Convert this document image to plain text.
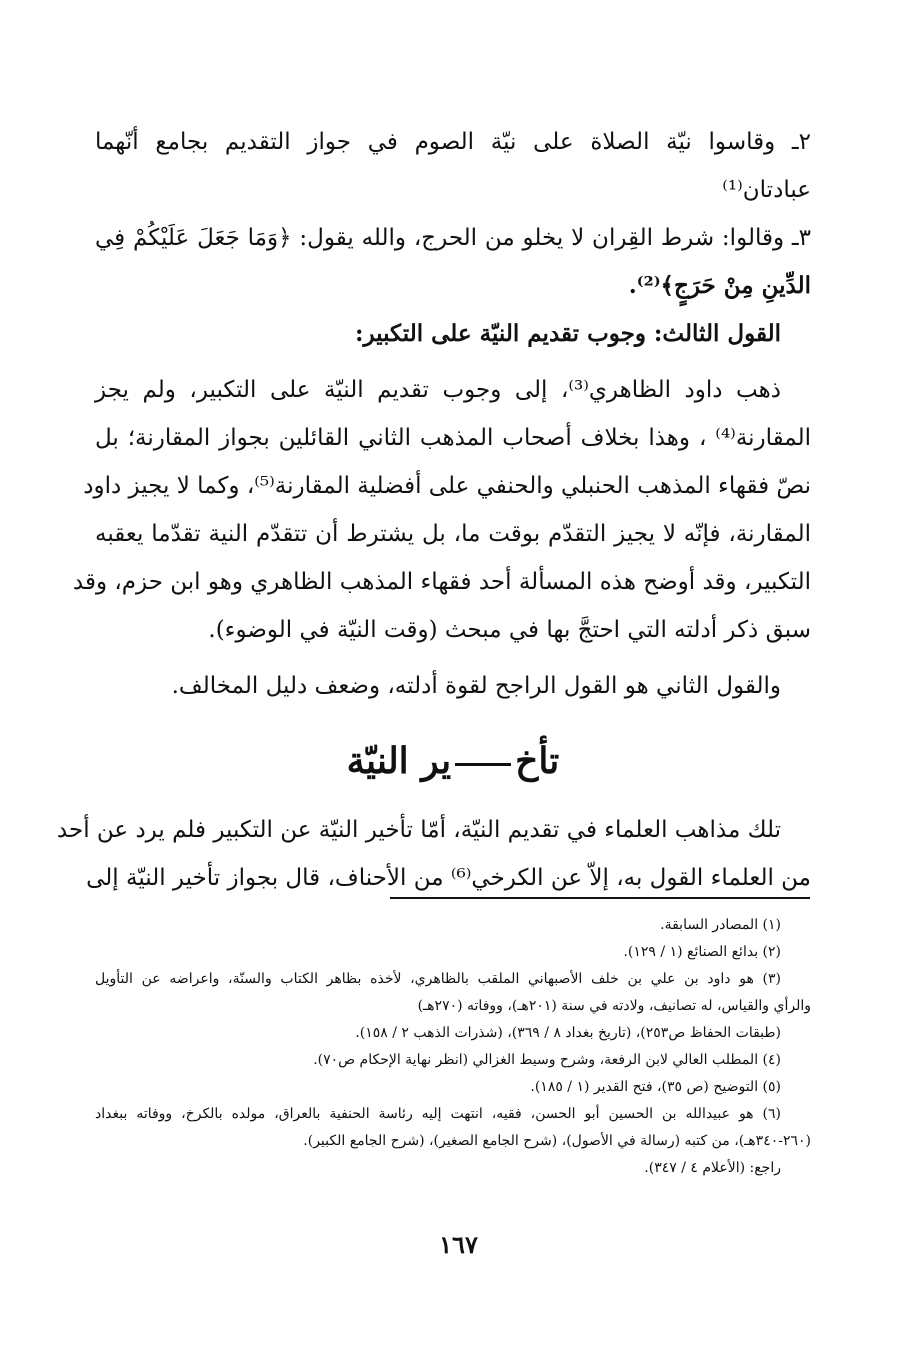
٢ـ وقاسوا نيّة الصلاة على نيّة الصوم في جواز التقديم بجامع أنّهما
عبادتان⁽¹⁾
٣ـ وقالوا: شرط القِران لا يخلو من الحرج، والله يقول: ﴿وَمَا جَعَلَ عَلَيْكُمْ فِي
الدِّينِ مِنْ حَرَجٍ﴾⁽²⁾.
القول الثالث: وجوب تقديم النيّة على التكبير:
ذهب داود الظاهري⁽³⁾، إلى وجوب تقديم النيّة على التكبير، ولم يجز
المقارنة⁽⁴⁾ ، وهذا بخلاف أصحاب المذهب الثاني القائلين بجواز المقارنة؛ بل
نصّ فقهاء المذهب الحنبلي والحنفي على أفضلية المقارنة⁽⁵⁾، وكما لا يجيز داود
المقارنة، فإنّه لا يجيز التقدّم بوقت ما، بل يشترط أن تتقدّم النية تقدّما يعقبه
التكبير، وقد أوضح هذه المسألة أحد فقهاء المذهب الظاهري وهو ابن حزم، وقد
سبق ذكر أدلته التي احتجَّ بها في مبحث (وقت النيّة في الوضوء).
والقول الثاني هو القول الراجح لقوة أدلته، وضعف دليل المخالف.
تأخير النيّة
تلك مذاهب العلماء في تقديم النيّة، أمّا تأخير النيّة عن التكبير فلم يرد عن أحد
من العلماء القول به، إلاّ عن الكرخي⁽⁶⁾ من الأحناف، قال بجواز تأخير النيّة إلى
(١) المصادر السابقة.
(٢) بدائع الصنائع (١ / ١٢٩).
(٣) هو داود بن علي بن خلف الأصبهاني الملقب بالظاهري، لأخذه بظاهر الكتاب والسنّة، واعراضه عن التأويل
والرأي والقياس، له تصانيف، ولادته في سنة (٢٠١هـ)، ووفاته (٢٧٠هـ)
(طبقات الحفاظ ص٢٥٣)، (تاريخ بغداد ٨ / ٣٦٩)، (شذرات الذهب ٢ / ١٥٨).
(٤) المطلب العالي لابن الرفعة، وشرح وسيط الغزالي (انظر نهاية الإحكام ص٧٠).
(٥) التوضيح (ص ٣٥)، فتح القدير (١ / ١٨٥).
(٦) هو عبيدالله بن الحسين أبو الحسن، فقيه، انتهت إليه رئاسة الحنفية بالعراق، مولده بالكرخ، ووفاته ببغداد
(٢٦٠-٣٤٠هـ)، من كتبه (رسالة في الأصول)، (شرح الجامع الصغير)، (شرح الجامع الكبير).
راجع: (الأعلام ٤ / ٣٤٧).
١٦٧
